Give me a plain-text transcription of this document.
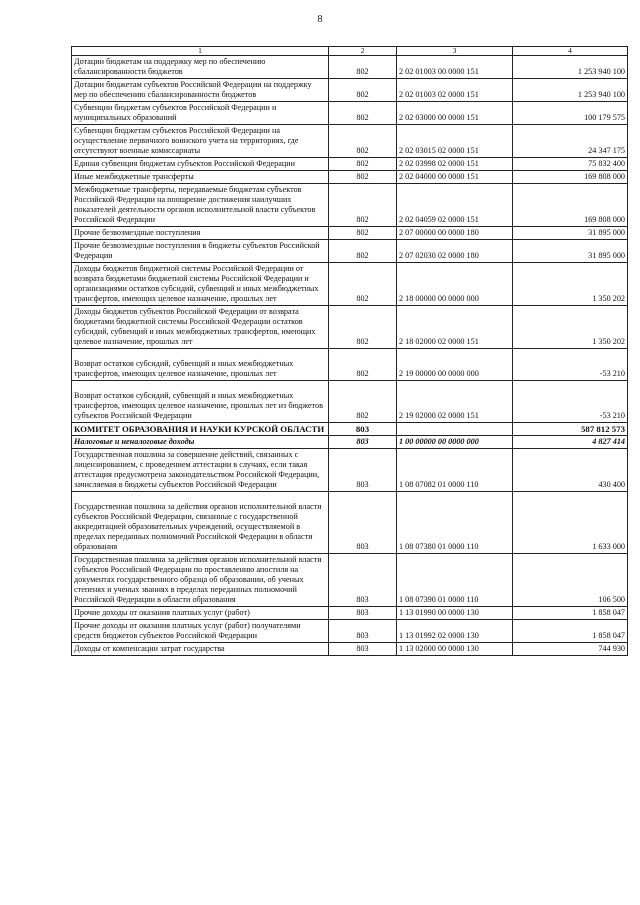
8
1	2	3	4
Дотации бюджетам на поддержку мер по обеспечению сбалансированности бюджетов	802	2 02 01003 00 0000 151	1 253 940 100
Дотации бюджетам субъектов Российской Федерации на поддержку мер по обеспечению сбалансированности бюджетов	802	2 02 01003 02 0000 151	1 253 940 100
Субвенции бюджетам субъектов Российской Федерации и муниципальных образований	802	2 02 03000 00 0000 151	100 179 575
Субвенции бюджетам субъектов Российской Федерации на осуществление первичного воинского учета на территориях, где отсутствуют военные комиссариаты	802	2 02 03015 02 0000 151	24 347 175
Единая субвенция бюджетам субъектов Российской Федерации	802	2 02 03998 02 0000 151	75 832 400
Иные межбюджетные трансферты	802	2 02 04000 00 0000 151	169 808 000
Межбюджетные трансферты, передаваемые бюджетам субъектов Российской Федерации на поощрение достижения наилучших показателей деятельности органов исполнительной власти субъектов Российской Федерации	802	2 02 04059 02 0000 151	169 808 000
Прочие безвозмездные поступления	802	2 07 00000 00 0000 180	31 895 000
Прочие безвозмездные поступления в бюджеты субъектов Российской Федерации	802	2 07 02030 02 0000 180	31 895 000
Доходы бюджетов бюджетной системы Российской Федерации от возврата бюджетами бюджетной системы Российской Федерации и организациями остатков субсидий, субвенций и иных межбюджетных трансфертов, имеющих целевое назначение, прошлых лет	802	2 18 00000 00 0000 000	1 350 202
Доходы бюджетов субъектов Российской Федерации от возврата бюджетами бюджетной системы Российской Федерации остатков субсидий, субвенций и иных межбюджетных трансфертов, имеющих целевое назначение, прошлых лет	802	2 18 02000 02 0000 151	1 350 202
Возврат остатков субсидий, субвенций и иных межбюджетных трансфертов, имеющих целевое назначение, прошлых лет	802	2 19 00000 00 0000 000	-53 210
Возврат остатков субсидий, субвенций и иных межбюджетных трансфертов, имеющих целевое назначение, прошлых лет из бюджетов субъектов Российской Федерации	802	2 19 02000 02 0000 151	-53 210
КОМИТЕТ ОБРАЗОВАНИЯ И НАУКИ КУРСКОЙ ОБЛАСТИ	803		587 812 573
Налоговые и неналоговые доходы	803	1 00 00000 00 0000 000	4 827 414
Государственная пошлина за совершение действий, связанных с лицензированием, с проведением аттестации в случаях, если такая аттестация предусмотрена законодательством Российской Федерации, зачисляемая в бюджеты субъектов Российской Федерации	803	1 08 07082 01 0000 110	430 400
Государственная пошлина за действия органов исполнительной власти субъектов Российской Федерации, связанные с государственной аккредитацией образовательных учреждений, осуществляемой в пределах переданных полномочий Российской Федерации в области образования	803	1 08 07380 01 0000 110	1 633 000
Государственная пошлина за действия органов исполнительной власти субъектов Российской Федерации по проставлению апостиля на документах государственного образца об образовании, об ученых степенях и ученых званиях в пределах переданных полномочий Российской Федерации в области образования	803	1 08 07390 01 0000 110	106 500
Прочие доходы от оказания платных услуг (работ)	803	1 13 01990 00 0000 130	1 858 047
Прочие доходы от оказания платных услуг (работ) получателями средств бюджетов субъектов Российской Федерации	803	1 13 01992 02 0000 130	1 858 047
Доходы от компенсации затрат государства	803	1 13 02000 00 0000 130	744 930
